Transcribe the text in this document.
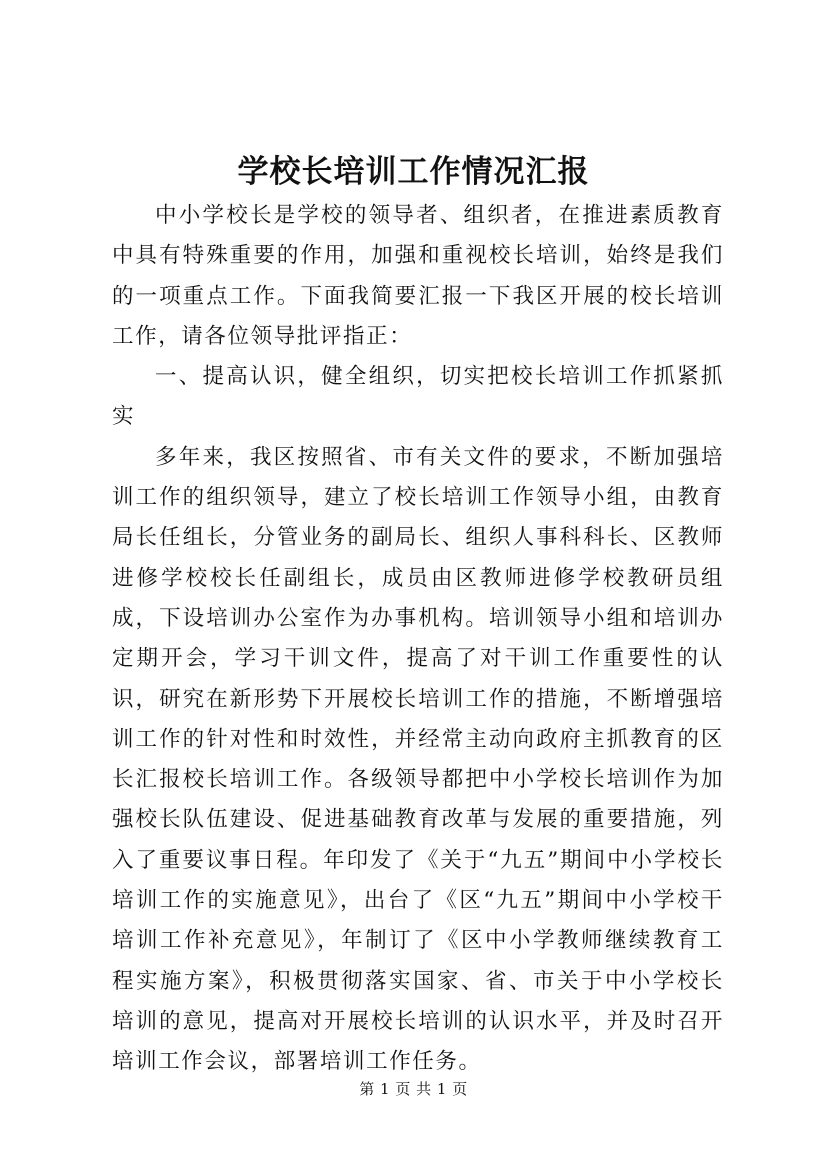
学校长培训工作情况汇报

中小学校长是学校的领导者、组织者，在推进素质教育中具有特殊重要的作用，加强和重视校长培训，始终是我们的一项重点工作。下面我简要汇报一下我区开展的校长培训工作，请各位领导批评指正：

一、提高认识，健全组织，切实把校长培训工作抓紧抓实

多年来，我区按照省、市有关文件的要求，不断加强培训工作的组织领导，建立了校长培训工作领导小组，由教育局长任组长，分管业务的副局长、组织人事科科长、区教师进修学校校长任副组长，成员由区教师进修学校教研员组成，下设培训办公室作为办事机构。培训领导小组和培训办定期开会，学习干训文件，提高了对干训工作重要性的认识，研究在新形势下开展校长培训工作的措施，不断增强培训工作的针对性和时效性，并经常主动向政府主抓教育的区长汇报校长培训工作。各级领导都把中小学校长培训作为加强校长队伍建设、促进基础教育改革与发展的重要措施，列入了重要议事日程。年印发了《关于“九五”期间中小学校长培训工作的实施意见》，出台了《区“九五”期间中小学校干培训工作补充意见》，年制订了《区中小学教师继续教育工程实施方案》，积极贯彻落实国家、省、市关于中小学校长培训的意见，提高对开展校长培训的认识水平，并及时召开培训工作会议，部署培训工作任务。

第 1 页 共 1 页
